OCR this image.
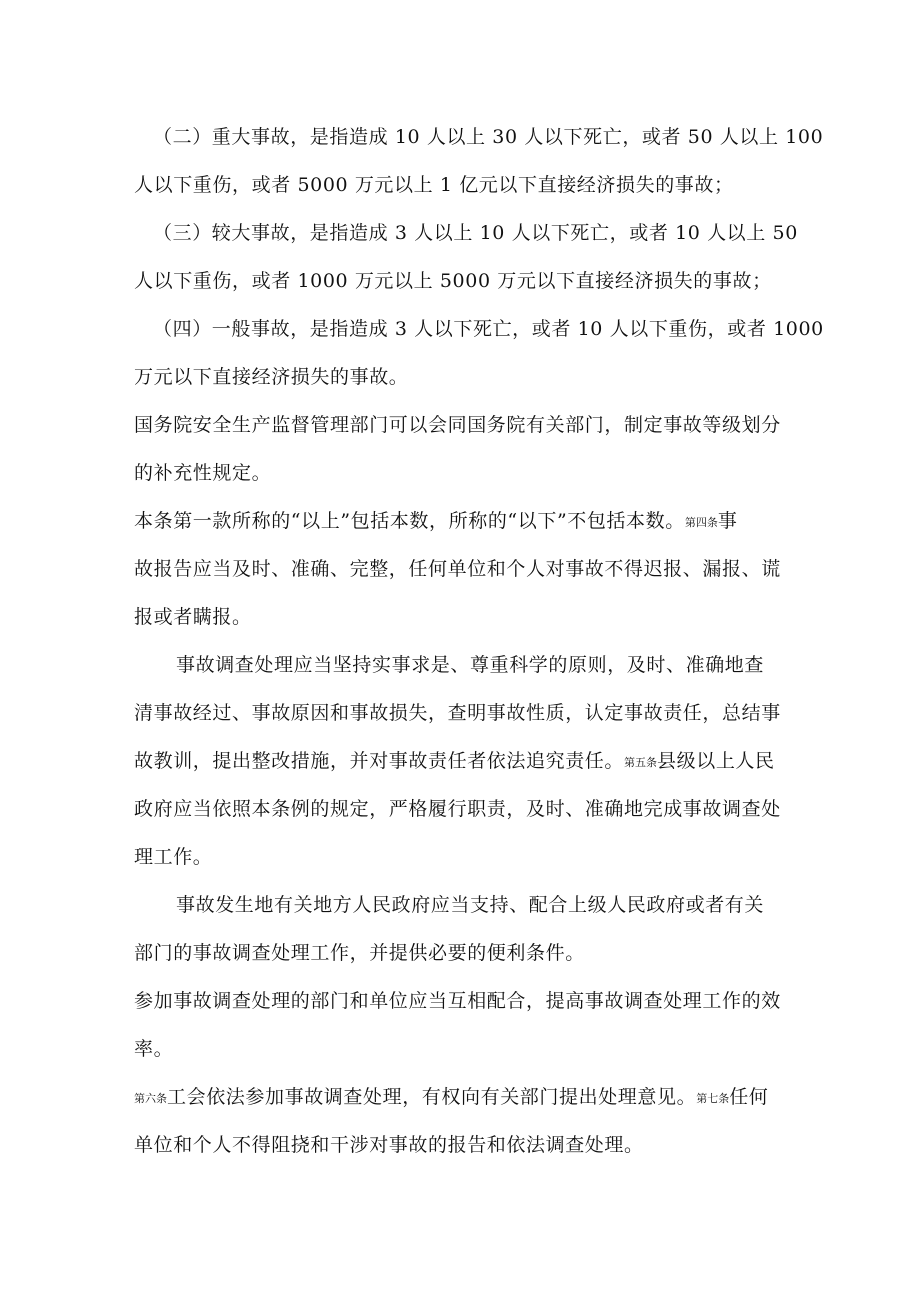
（二）重大事故，是指造成 10 人以上 30 人以下死亡，或者 50 人以上 100
人以下重伤，或者 5000 万元以上 1 亿元以下直接经济损失的事故；
（三）较大事故，是指造成 3 人以上 10 人以下死亡，或者 10 人以上 50
人以下重伤，或者 1000 万元以上 5000 万元以下直接经济损失的事故；
（四）一般事故，是指造成 3 人以下死亡，或者 10 人以下重伤，或者 1000
万元以下直接经济损失的事故。
国务院安全生产监督管理部门可以会同国务院有关部门，制定事故等级划分
的补充性规定。
本条第一款所称的“以上”包括本数，所称的“以下”不包括本数。第四条事
故报告应当及时、准确、完整，任何单位和个人对事故不得迟报、漏报、谎
报或者瞒报。
事故调查处理应当坚持实事求是、尊重科学的原则，及时、准确地查
清事故经过、事故原因和事故损失，查明事故性质，认定事故责任，总结事
故教训，提出整改措施，并对事故责任者依法追究责任。第五条县级以上人民
政府应当依照本条例的规定，严格履行职责，及时、准确地完成事故调查处
理工作。
事故发生地有关地方人民政府应当支持、配合上级人民政府或者有关
部门的事故调查处理工作，并提供必要的便利条件。
参加事故调查处理的部门和单位应当互相配合，提高事故调查处理工作的效
率。
第六条工会依法参加事故调查处理，有权向有关部门提出处理意见。第七条任何
单位和个人不得阻挠和干涉对事故的报告和依法调查处理。
